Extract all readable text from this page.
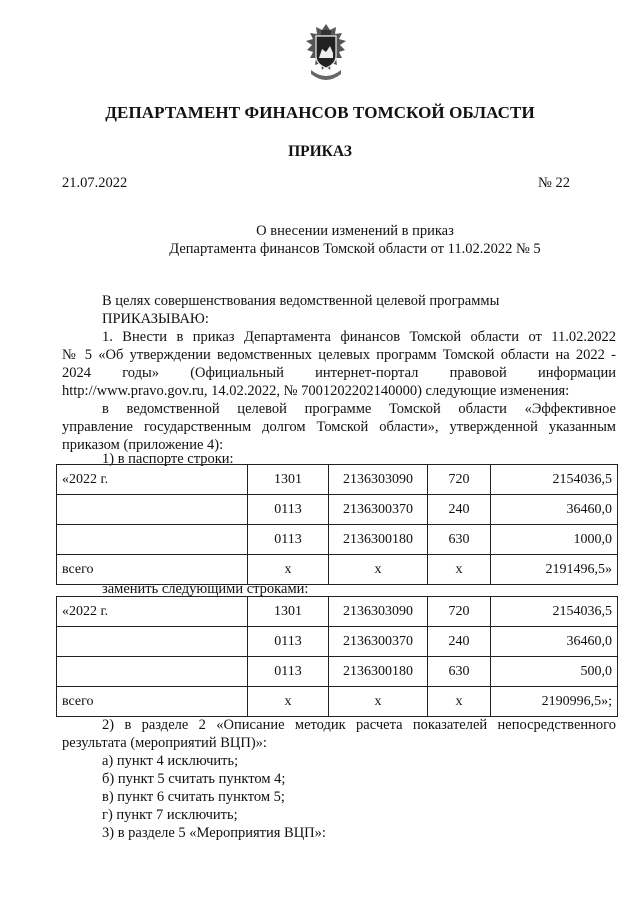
ДЕПАРТАМЕНТ ФИНАНСОВ ТОМСКОЙ ОБЛАСТИ
ПРИКАЗ
21.07.2022	№ 22
О внесении изменений в приказ
Департамента финансов Томской области от 11.02.2022 № 5
В целях совершенствования ведомственной целевой программы
ПРИКАЗЫВАЮ:
1. Внести в приказ Департамента финансов Томской области от 11.02.2022
№ 5 «Об утверждении ведомственных целевых программ Томской области на 2022 -
2024 годы» (Официальный интернет-портал правовой информации
http://www.pravo.gov.ru, 14.02.2022, № 7001202202140000) следующие изменения:
в ведомственной целевой программе Томской области «Эффективное
управление государственным долгом Томской области», утвержденной указанным
приказом (приложение 4):
1) в паспорте строки:
«2022 г.	1301	2136303090	720	2154036,5
	0113	2136300370	240	36460,0
	0113	2136300180	630	1000,0
всего	х	х	х	2191496,5»
заменить следующими строками:
«2022 г.	1301	2136303090	720	2154036,5
	0113	2136300370	240	36460,0
	0113	2136300180	630	500,0
всего	х	х	х	2190996,5»;
2) в разделе 2 «Описание методик расчета показателей непосредственного
результата (мероприятий ВЦП)»:
а) пункт 4 исключить;
б) пункт 5 считать пунктом 4;
в) пункт 6 считать пунктом 5;
г) пункт 7 исключить;
3) в разделе 5 «Мероприятия ВЦП»:
